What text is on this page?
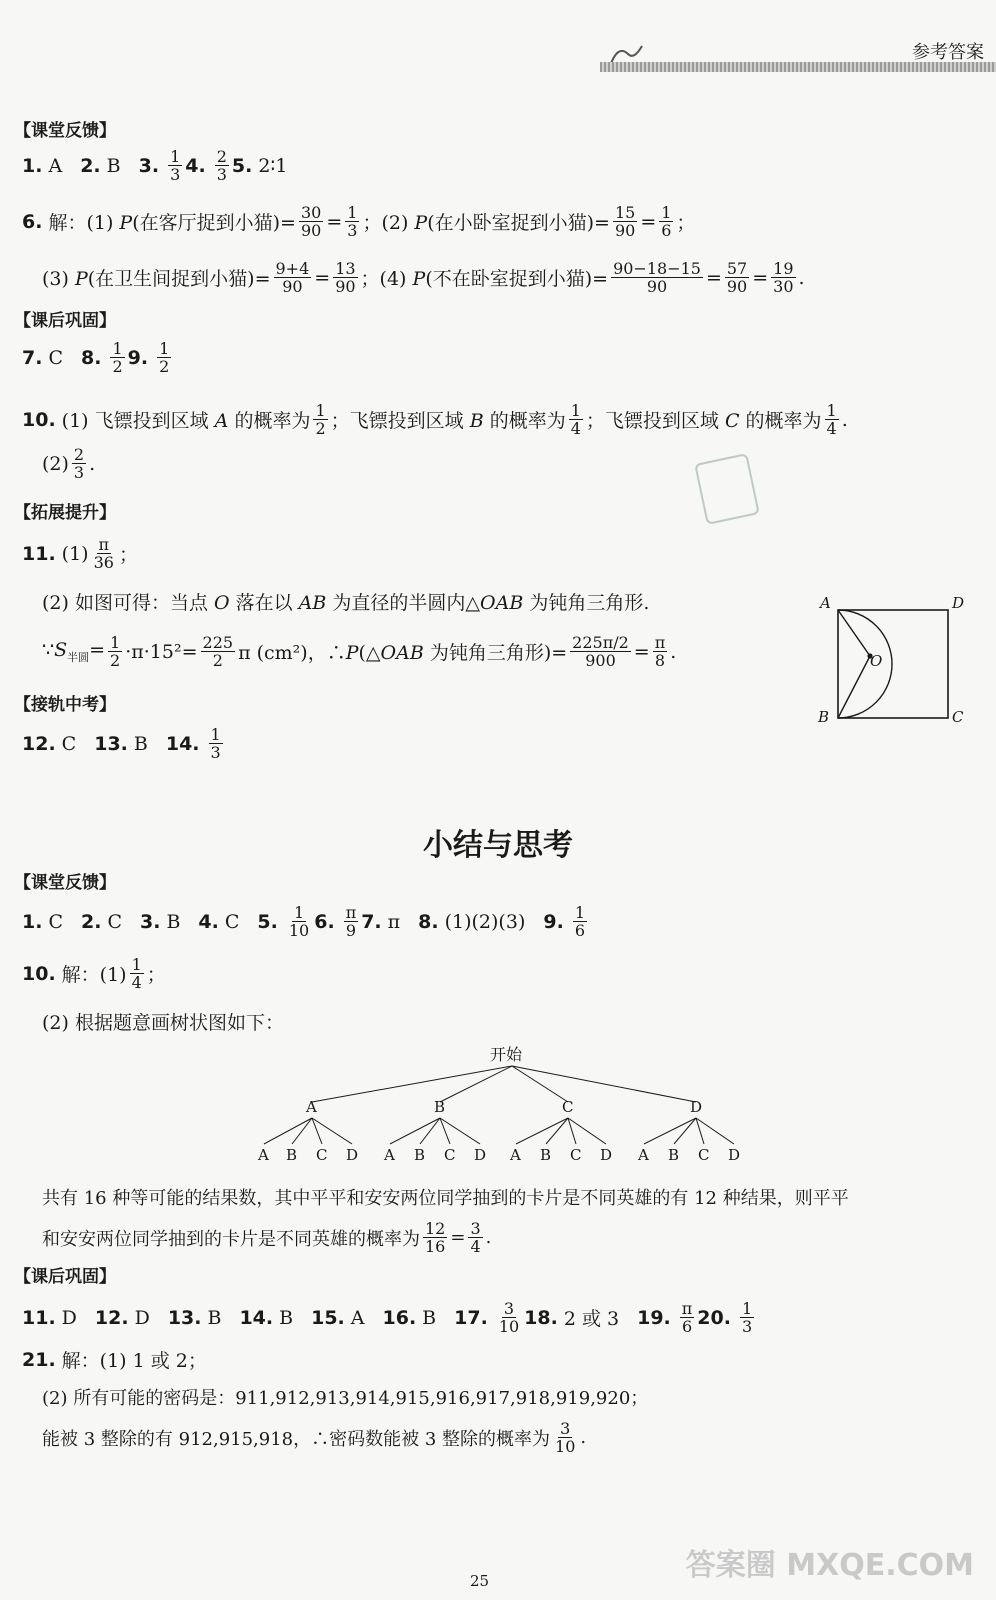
参考答案
【课堂反馈】
1. A 2. B 3. $\frac{1}{3} 4$. $\frac{2}{3} 5$. 2∶1
6. 解：(1) P(在客厅捉到小猫)= $\frac{30}{90} = \frac{1}{3}$ ；(2) P(在小卧室捉到小猫)= $\frac{15}{90} = \frac{1}{6}$ ；
(3) P(在卫生间捉到小猫)= $\frac{9+4}{90} = \frac{13}{90}$ ；(4) P(不在卧室捉到小猫)= $\frac{90-18-15}{90} = \frac{57}{90} = \frac{19}{30}$ .
【课后巩固】
7. C 8. $\frac{1}{2} 9$. $\frac{1}{2}$
10. (1) 飞镖投到区域 A 的概率为 $\frac{1}{2}$ ；飞镖投到区域 B 的概率为 $\frac{1}{4}$ ；飞镖投到区域 C 的概率为 $\frac{1}{4}$ .
$(2) \frac{2}{3}$ .
【拓展提升】
11. $(1) \frac{\pi}{36}$ ；
(2) 如图可得：当点 O 落在以 AB 为直径的半圆内△OAB 为钝角三角形.
$\because S_{半圆}= \frac{1}{2} \cdot\pi\cdot 15^2= \frac{225}{2}$ π (cm²)，∴P(△OAB 为钝角三角形)= $\frac{225\pi/2}{900} = \frac{\pi}{8}$ .
A	D
B	C
O
【接轨中考】
12. C 13. B 14. $\frac{1}{3}$
小结与思考
【课堂反馈】
1. C 2. C 3. B 4. C 5. $\frac{1}{10} 6$. $\frac{\pi}{9} 7$. π 8. (1)(2)(3) 9. $\frac{1}{6}$
10. 解：$(1) \frac{1}{4}$ ；
(2) 根据题意画树状图如下：
开始
A	B	C	D
A B C D A B C D A B C D A B C D
共有 16 种等可能的结果数，其中平平和安安两位同学抽到的卡片是不同英雄的有 12 种结果，则平平
和安安两位同学抽到的卡片是不同英雄的概率为 $\frac{12}{16} = \frac{3}{4}$ .
【课后巩固】
11. D 12. D 13. B 14. B 15. A 16. B 17. $\frac{3}{10} 18$. 2 或 3 19. $\frac{\pi}{6} 20$. $\frac{1}{3}$
21. 解：(1) 1 或 2；
(2) 所有可能的密码是：911,912,913,914,915,916,917,918,919,920；
能被 3 整除的有 912,915,918，∴密码数能被 3 整除的概率为 $\frac{3}{10}$ .
25	答案圈 MXQE.COM
